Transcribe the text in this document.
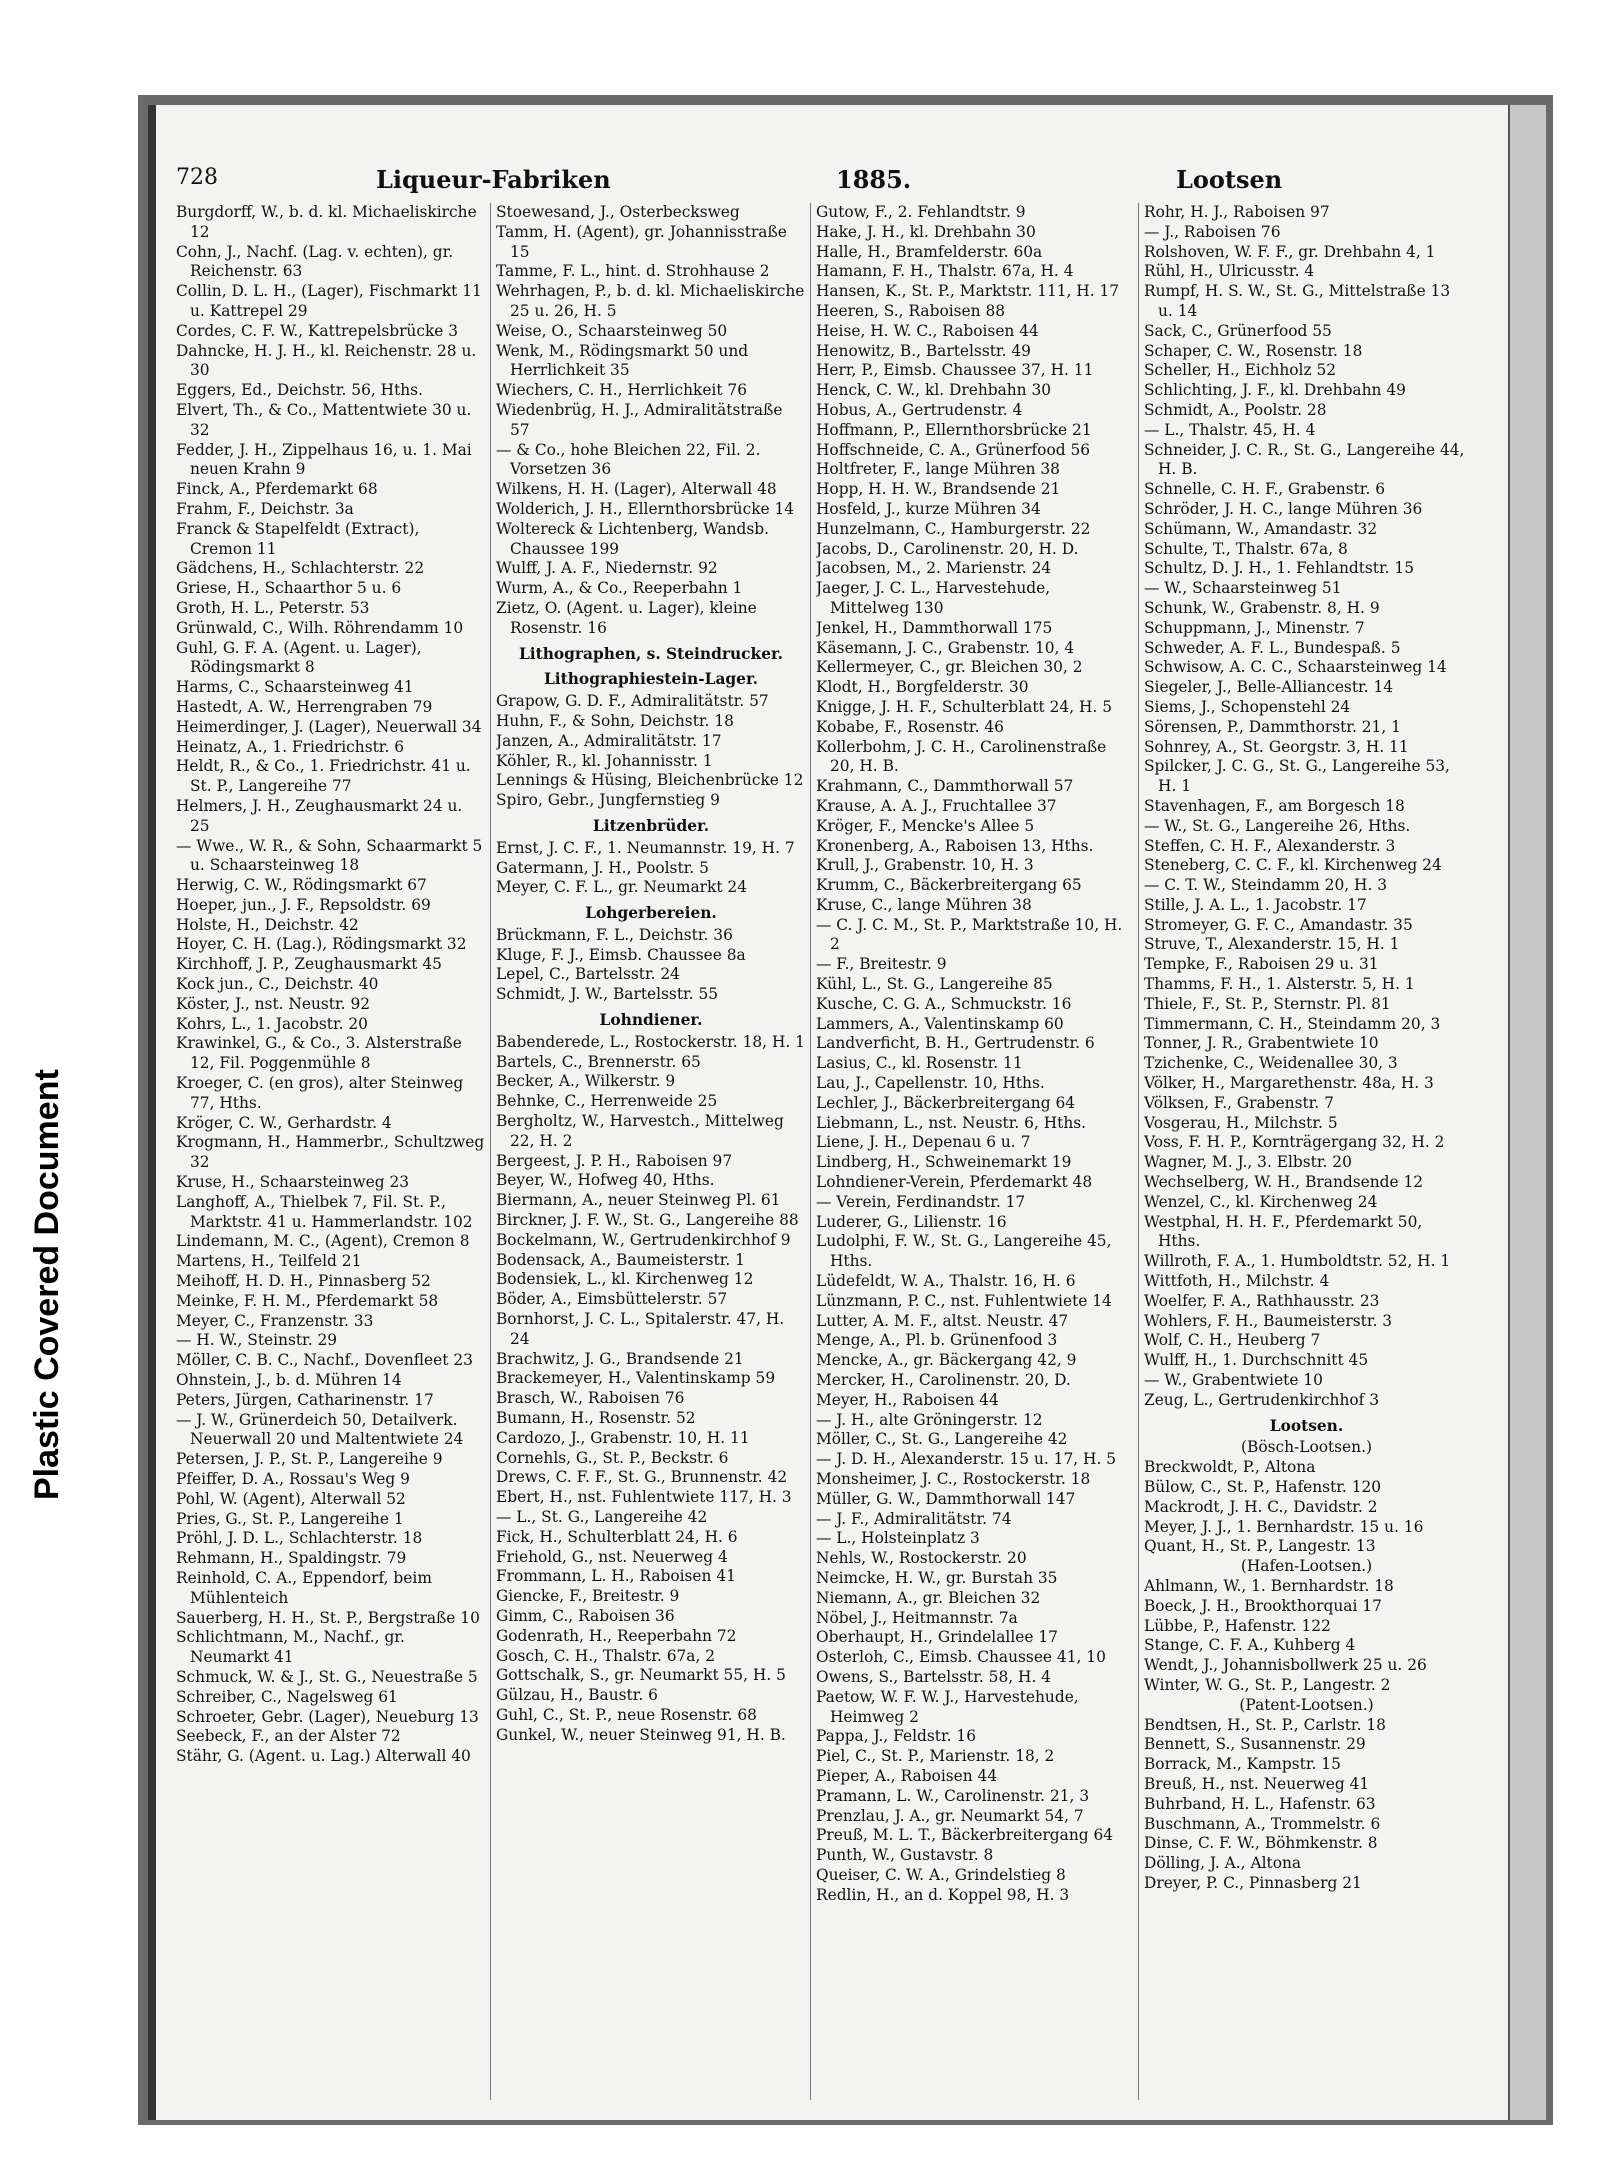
Plastic Covered Document
728	Liqueur-Fabriken	1885.	Lootsen
Burgdorff, W., b. d. kl. Michaeliskirche 12
Cohn, J., Nachf. (Lag. v. echten), gr. Reichenstr. 63
Collin, D. L. H., (Lager), Fischmarkt 11 u. Kattrepel 29
Cordes, C. F. W., Kattrepelsbrücke 3
Dahncke, H. J. H., kl. Reichenstr. 28 u. 30
Eggers, Ed., Deichstr. 56, Hths.
Elvert, Th., & Co., Mattentwiete 30 u. 32
Fedder, J. H., Zippelhaus 16, u. 1. Mai neuen Krahn 9
Finck, A., Pferdemarkt 68
Frahm, F., Deichstr. 3a
Franck & Stapelfeldt (Extract), Cremon 11
Gädchens, H., Schlachterstr. 22
Griese, H., Schaarthor 5 u. 6
Groth, H. L., Peterstr. 53
Grünwald, C., Wilh. Röhrendamm 10
Guhl, G. F. A. (Agent. u. Lager), Rödingsmarkt 8
Harms, C., Schaarsteinweg 41
Hastedt, A. W., Herrengraben 79
Heimerdinger, J. (Lager), Neuerwall 34
Heinatz, A., 1. Friedrichstr. 6
Heldt, R., & Co., 1. Friedrichstr. 41 u. St. P., Langereihe 77
Helmers, J. H., Zeughausmarkt 24 u. 25
— Wwe., W. R., & Sohn, Schaarmarkt 5 u. Schaarsteinweg 18
Herwig, C. W., Rödingsmarkt 67
Hoeper, jun., J. F., Repsoldstr. 69
Holste, H., Deichstr. 42
Hoyer, C. H. (Lag.), Rödingsmarkt 32
Kirchhoff, J. P., Zeughausmarkt 45
Kock jun., C., Deichstr. 40
Köster, J., nst. Neustr. 92
Kohrs, L., 1. Jacobstr. 20
Krawinkel, G., & Co., 3. Alsterstraße 12, Fil. Poggenmühle 8
Kroeger, C. (en gros), alter Steinweg 77, Hths.
Kröger, C. W., Gerhardstr. 4
Krogmann, H., Hammerbr., Schultzweg 32
Kruse, H., Schaarsteinweg 23
Langhoff, A., Thielbek 7, Fil. St. P., Marktstr. 41 u. Hammerlandstr. 102
Lindemann, M. C., (Agent), Cremon 8
Martens, H., Teilfeld 21
Meihoff, H. D. H., Pinnasberg 52
Meinke, F. H. M., Pferdemarkt 58
Meyer, C., Franzenstr. 33
— H. W., Steinstr. 29
Möller, C. B. C., Nachf., Dovenfleet 23
Ohnstein, J., b. d. Mühren 14
Peters, Jürgen, Catharinenstr. 17
— J. W., Grünerdeich 50, Detailverk. Neuerwall 20 und Maltentwiete 24
Petersen, J. P., St. P., Langereihe 9
Pfeiffer, D. A., Rossau's Weg 9
Pohl, W. (Agent), Alterwall 52
Pries, G., St. P., Langereihe 1
Pröhl, J. D. L., Schlachterstr. 18
Rehmann, H., Spaldingstr. 79
Reinhold, C. A., Eppendorf, beim Mühlenteich
Sauerberg, H. H., St. P., Bergstraße 10
Schlichtmann, M., Nachf., gr. Neumarkt 41
Schmuck, W. & J., St. G., Neuestraße 5
Schreiber, C., Nagelsweg 61
Schroeter, Gebr. (Lager), Neueburg 13
Seebeck, F., an der Alster 72
Stähr, G. (Agent. u. Lag.) Alterwall 40
Stoewesand, J., Osterbecksweg
Tamm, H. (Agent), gr. Johannisstraße 15
Tamme, F. L., hint. d. Strohhause 2
Wehrhagen, P., b. d. kl. Michaeliskirche 25 u. 26, H. 5
Weise, O., Schaarsteinweg 50
Wenk, M., Rödingsmarkt 50 und Herrlichkeit 35
Wiechers, C. H., Herrlichkeit 76
Wiedenbrüg, H. J., Admiralitätstraße 57
— & Co., hohe Bleichen 22, Fil. 2. Vorsetzen 36
Wilkens, H. H. (Lager), Alterwall 48
Wolderich, J. H., Ellernthorsbrücke 14
Woltereck & Lichtenberg, Wandsb. Chaussee 199
Wulff, J. A. F., Niedernstr. 92
Wurm, A., & Co., Reeperbahn 1
Zietz, O. (Agent. u. Lager), kleine Rosenstr. 16
Lithographen, s. Steindrucker.
Lithographiestein-Lager.
Grapow, G. D. F., Admiralitätstr. 57
Huhn, F., & Sohn, Deichstr. 18
Janzen, A., Admiralitätstr. 17
Köhler, R., kl. Johannisstr. 1
Lennings & Hüsing, Bleichenbrücke 12
Spiro, Gebr., Jungfernstieg 9
Litzenbrüder.
Ernst, J. C. F., 1. Neumannstr. 19, H. 7
Gatermann, J. H., Poolstr. 5
Meyer, C. F. L., gr. Neumarkt 24
Lohgerbereien.
Brückmann, F. L., Deichstr. 36
Kluge, F. J., Eimsb. Chaussee 8a
Lepel, C., Bartelsstr. 24
Schmidt, J. W., Bartelsstr. 55
Lohndiener.
Babenderede, L., Rostockerstr. 18, H. 1
Bartels, C., Brennerstr. 65
Becker, A., Wilkerstr. 9
Behnke, C., Herrenweide 25
Bergholtz, W., Harvestch., Mittelweg 22, H. 2
Bergeest, J. P. H., Raboisen 97
Beyer, W., Hofweg 40, Hths.
Biermann, A., neuer Steinweg Pl. 61
Birckner, J. F. W., St. G., Langereihe 88
Bockelmann, W., Gertrudenkirchhof 9
Bodensack, A., Baumeisterstr. 1
Bodensiek, L., kl. Kirchenweg 12
Böder, A., Eimsbüttelerstr. 57
Bornhorst, J. C. L., Spitalerstr. 47, H. 24
Brachwitz, J. G., Brandsende 21
Brackemeyer, H., Valentinskamp 59
Brasch, W., Raboisen 76
Bumann, H., Rosenstr. 52
Cardozo, J., Grabenstr. 10, H. 11
Cornehls, G., St. P., Beckstr. 6
Drews, C. F. F., St. G., Brunnenstr. 42
Ebert, H., nst. Fuhlentwiete 117, H. 3
— L., St. G., Langereihe 42
Fick, H., Schulterblatt 24, H. 6
Friehold, G., nst. Neuerweg 4
Frommann, L. H., Raboisen 41
Giencke, F., Breitestr. 9
Gimm, C., Raboisen 36
Godenrath, H., Reeperbahn 72
Gosch, C. H., Thalstr. 67a, 2
Gottschalk, S., gr. Neumarkt 55, H. 5
Gülzau, H., Baustr. 6
Guhl, C., St. P., neue Rosenstr. 68
Gunkel, W., neuer Steinweg 91, H. B.
Gutow, F., 2. Fehlandtstr. 9
Hake, J. H., kl. Drehbahn 30
Halle, H., Bramfelderstr. 60a
Hamann, F. H., Thalstr. 67a, H. 4
Hansen, K., St. P., Marktstr. 111, H. 17
Heeren, S., Raboisen 88
Heise, H. W. C., Raboisen 44
Henowitz, B., Bartelsstr. 49
Herr, P., Eimsb. Chaussee 37, H. 11
Henck, C. W., kl. Drehbahn 30
Hobus, A., Gertrudenstr. 4
Hoffmann, P., Ellernthorsbrücke 21
Hoffschneide, C. A., Grünerfood 56
Holtfreter, F., lange Mühren 38
Hopp, H. H. W., Brandsende 21
Hosfeld, J., kurze Mühren 34
Hunzelmann, C., Hamburgerstr. 22
Jacobs, D., Carolinenstr. 20, H. D.
Jacobsen, M., 2. Marienstr. 24
Jaeger, J. C. L., Harvestehude, Mittelweg 130
Jenkel, H., Dammthorwall 175
Käsemann, J. C., Grabenstr. 10, 4
Kellermeyer, C., gr. Bleichen 30, 2
Klodt, H., Borgfelderstr. 30
Knigge, J. H. F., Schulterblatt 24, H. 5
Kobabe, F., Rosenstr. 46
Kollerbohm, J. C. H., Carolinenstraße 20, H. B.
Krahmann, C., Dammthorwall 57
Krause, A. A. J., Fruchtallee 37
Kröger, F., Mencke's Allee 5
Kronenberg, A., Raboisen 13, Hths.
Krull, J., Grabenstr. 10, H. 3
Krumm, C., Bäckerbreitergang 65
Kruse, C., lange Mühren 38
— C. J. C. M., St. P., Marktstraße 10, H. 2
— F., Breitestr. 9
Kühl, L., St. G., Langereihe 85
Kusche, C. G. A., Schmuckstr. 16
Lammers, A., Valentinskamp 60
Landverficht, B. H., Gertrudenstr. 6
Lasius, C., kl. Rosenstr. 11
Lau, J., Capellenstr. 10, Hths.
Lechler, J., Bäckerbreitergang 64
Liebmann, L., nst. Neustr. 6, Hths.
Liene, J. H., Depenau 6 u. 7
Lindberg, H., Schweinemarkt 19
Lohndiener-Verein, Pferdemarkt 48
— Verein, Ferdinandstr. 17
Luderer, G., Lilienstr. 16
Ludolphi, F. W., St. G., Langereihe 45, Hths.
Lüdefeldt, W. A., Thalstr. 16, H. 6
Lünzmann, P. C., nst. Fuhlentwiete 14
Lutter, A. M. F., altst. Neustr. 47
Menge, A., Pl. b. Grünenfood 3
Mencke, A., gr. Bäckergang 42, 9
Mercker, H., Carolinenstr. 20, D.
Meyer, H., Raboisen 44
— J. H., alte Gröningerstr. 12
Möller, C., St. G., Langereihe 42
— J. D. H., Alexanderstr. 15 u. 17, H. 5
Monsheimer, J. C., Rostockerstr. 18
Müller, G. W., Dammthorwall 147
— J. F., Admiralitätstr. 74
— L., Holsteinplatz 3
Nehls, W., Rostockerstr. 20
Neimcke, H. W., gr. Burstah 35
Niemann, A., gr. Bleichen 32
Nöbel, J., Heitmannstr. 7a
Oberhaupt, H., Grindelallee 17
Osterloh, C., Eimsb. Chaussee 41, 10
Owens, S., Bartelsstr. 58, H. 4
Paetow, W. F. W. J., Harvestehude, Heimweg 2
Pappa, J., Feldstr. 16
Piel, C., St. P., Marienstr. 18, 2
Pieper, A., Raboisen 44
Pramann, L. W., Carolinenstr. 21, 3
Prenzlau, J. A., gr. Neumarkt 54, 7
Preuß, M. L. T., Bäckerbreitergang 64
Punth, W., Gustavstr. 8
Queiser, C. W. A., Grindelstieg 8
Redlin, H., an d. Koppel 98, H. 3
Rohr, H. J., Raboisen 97
— J., Raboisen 76
Rolshoven, W. F. F., gr. Drehbahn 4, 1
Rühl, H., Ulricusstr. 4
Rumpf, H. S. W., St. G., Mittelstraße 13 u. 14
Sack, C., Grünerfood 55
Schaper, C. W., Rosenstr. 18
Scheller, H., Eichholz 52
Schlichting, J. F., kl. Drehbahn 49
Schmidt, A., Poolstr. 28
— L., Thalstr. 45, H. 4
Schneider, J. C. R., St. G., Langereihe 44, H. B.
Schnelle, C. H. F., Grabenstr. 6
Schröder, J. H. C., lange Mühren 36
Schümann, W., Amandastr. 32
Schulte, T., Thalstr. 67a, 8
Schultz, D. J. H., 1. Fehlandtstr. 15
— W., Schaarsteinweg 51
Schunk, W., Grabenstr. 8, H. 9
Schuppmann, J., Minenstr. 7
Schweder, A. F. L., Bundespaß. 5
Schwisow, A. C. C., Schaarsteinweg 14
Siegeler, J., Belle-Alliancestr. 14
Siems, J., Schopenstehl 24
Sörensen, P., Dammthorstr. 21, 1
Sohnrey, A., St. Georgstr. 3, H. 11
Spilcker, J. C. G., St. G., Langereihe 53, H. 1
Stavenhagen, F., am Borgesch 18
— W., St. G., Langereihe 26, Hths.
Steffen, C. H. F., Alexanderstr. 3
Steneberg, C. C. F., kl. Kirchenweg 24
— C. T. W., Steindamm 20, H. 3
Stille, J. A. L., 1. Jacobstr. 17
Stromeyer, G. F. C., Amandastr. 35
Struve, T., Alexanderstr. 15, H. 1
Tempke, F., Raboisen 29 u. 31
Thamms, F. H., 1. Alsterstr. 5, H. 1
Thiele, F., St. P., Sternstr. Pl. 81
Timmermann, C. H., Steindamm 20, 3
Tonner, J. R., Grabentwiete 10
Tzichenke, C., Weidenallee 30, 3
Völker, H., Margarethenstr. 48a, H. 3
Völksen, F., Grabenstr. 7
Vosgerau, H., Milchstr. 5
Voss, F. H. P., Kornträgergang 32, H. 2
Wagner, M. J., 3. Elbstr. 20
Wechselberg, W. H., Brandsende 12
Wenzel, C., kl. Kirchenweg 24
Westphal, H. H. F., Pferdemarkt 50, Hths.
Willroth, F. A., 1. Humboldtstr. 52, H. 1
Wittfoth, H., Milchstr. 4
Woelfer, F. A., Rathhausstr. 23
Wohlers, F. H., Baumeisterstr. 3
Wolf, C. H., Heuberg 7
Wulff, H., 1. Durchschnitt 45
— W., Grabentwiete 10
Zeug, L., Gertrudenkirchhof 3
Lootsen.
(Bösch-Lootsen.)
Breckwoldt, P., Altona
Bülow, C., St. P., Hafenstr. 120
Mackrodt, J. H. C., Davidstr. 2
Meyer, J. J., 1. Bernhardstr. 15 u. 16
Quant, H., St. P., Langestr. 13
(Hafen-Lootsen.)
Ahlmann, W., 1. Bernhardstr. 18
Boeck, J. H., Brookthorquai 17
Lübbe, P., Hafenstr. 122
Stange, C. F. A., Kuhberg 4
Wendt, J., Johannisbollwerk 25 u. 26
Winter, W. G., St. P., Langestr. 2
(Patent-Lootsen.)
Bendtsen, H., St. P., Carlstr. 18
Bennett, S., Susannenstr. 29
Borrack, M., Kampstr. 15
Breuß, H., nst. Neuerweg 41
Buhrband, H. L., Hafenstr. 63
Buschmann, A., Trommelstr. 6
Dinse, C. F. W., Böhmkenstr. 8
Dölling, J. A., Altona
Dreyer, P. C., Pinnasberg 21
